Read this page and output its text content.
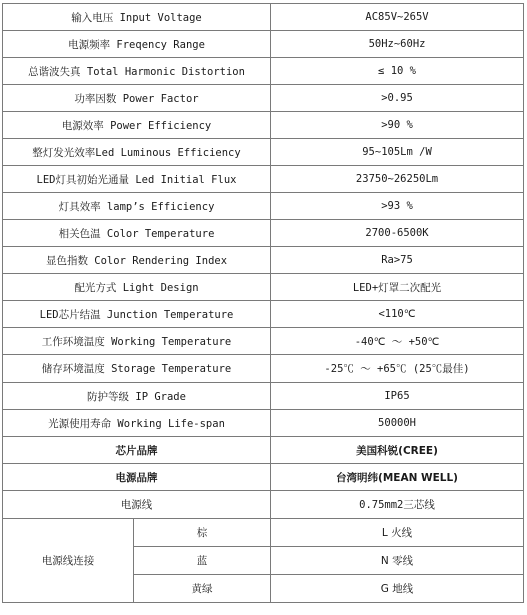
输入电压 Input Voltage		AC85V~265V
电源频率 Freqency Range		50Hz~60Hz
总谐波失真 Total Harmonic Distortion		≤ 10 %
功率因数 Power Factor		>0.95
电源效率 Power Efficiency		>90 %
整灯发光效率Led Luminous Efficiency		95~105Lm /W
LED灯具初始光通量 Led Initial Flux		23750~26250Lm
灯具效率 lamp’s Efficiency		>93 %
相关色温 Color Temperature		2700-6500K
显色指数 Color Rendering Index		Ra>75
配光方式 Light Design		LED+灯罩二次配光
LED芯片结温 Junction Temperature		<110℃
工作环境温度 Working Temperature		-40℃ ～ +50℃
储存环境温度 Storage Temperature		-25℃ ～ +65℃ (25℃最佳)
防护等级 IP Grade		IP65
光源使用寿命 Working Life-span		50000H
芯片品牌		美国科锐(CREE)
电源品牌		台湾明纬(MEAN WELL)
电源线		0.75mm2三芯线
电源线连接	棕	L 火线
	蓝	N 零线
	黄绿	G 地线
